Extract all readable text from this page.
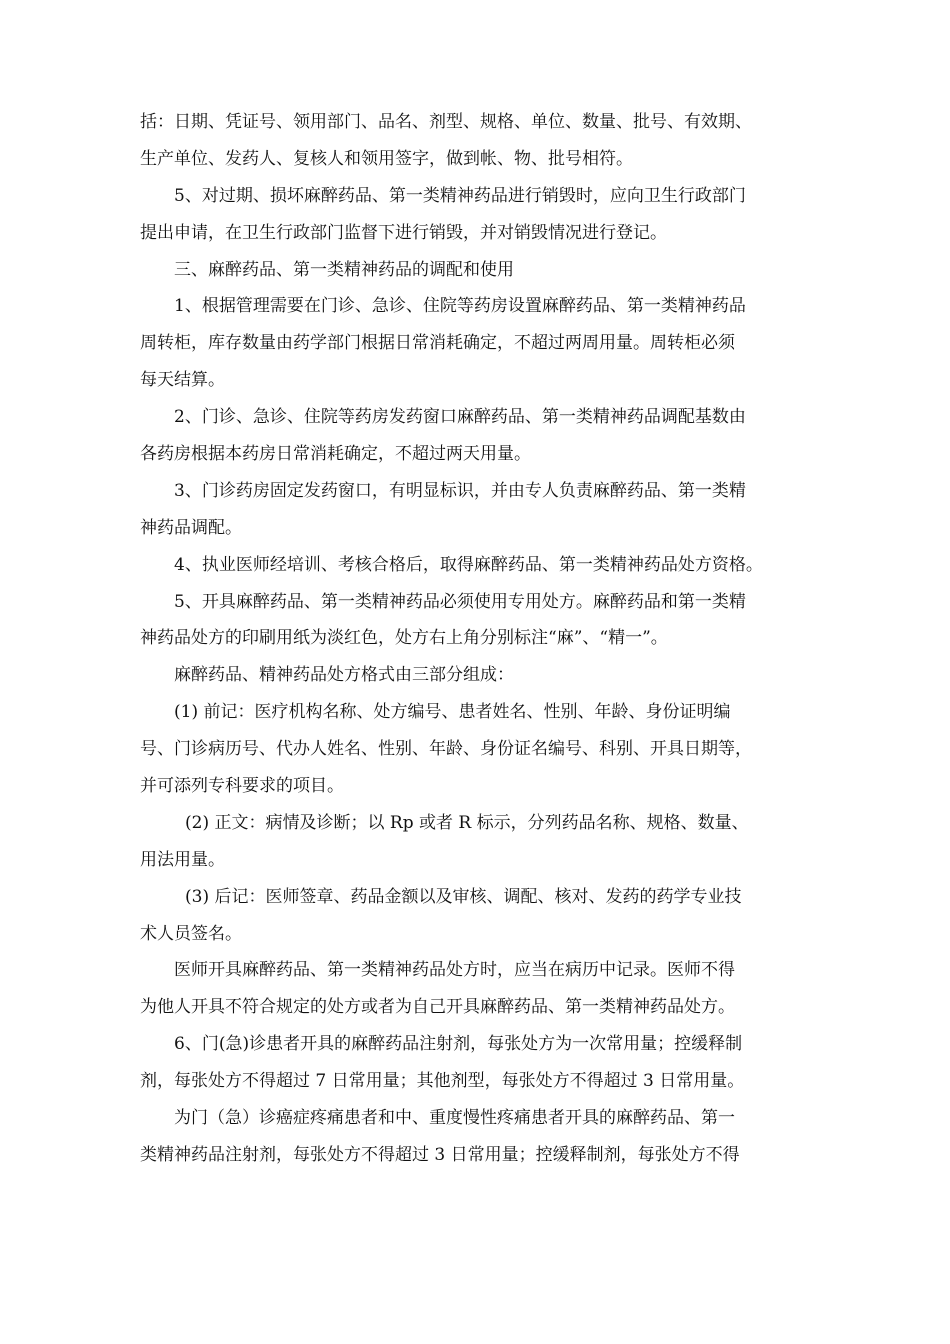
括：日期、凭证号、领用部门、品名、剂型、规格、单位、数量、批号、有效期、
生产单位、发药人、复核人和领用签字，做到帐、物、批号相符。
5、对过期、损坏麻醉药品、第一类精神药品进行销毁时，应向卫生行政部门
提出申请，在卫生行政部门监督下进行销毁，并对销毁情况进行登记。
三、麻醉药品、第一类精神药品的调配和使用
1、根据管理需要在门诊、急诊、住院等药房设置麻醉药品、第一类精神药品
周转柜，库存数量由药学部门根据日常消耗确定，不超过两周用量。周转柜必须
每天结算。
2、门诊、急诊、住院等药房发药窗口麻醉药品、第一类精神药品调配基数由
各药房根据本药房日常消耗确定，不超过两天用量。
3、门诊药房固定发药窗口，有明显标识，并由专人负责麻醉药品、第一类精
神药品调配。
4、执业医师经培训、考核合格后，取得麻醉药品、第一类精神药品处方资格。
5、开具麻醉药品、第一类精神药品必须使用专用处方。麻醉药品和第一类精
神药品处方的印刷用纸为淡红色，处方右上角分别标注“麻”、“精一”。
麻醉药品、精神药品处方格式由三部分组成：
(1) 前记：医疗机构名称、处方编号、患者姓名、性别、年龄、身份证明编
号、门诊病历号、代办人姓名、性别、年龄、身份证名编号、科别、开具日期等，
并可添列专科要求的项目。
(2) 正文：病情及诊断；以 Rp 或者 R 标示，分列药品名称、规格、数量、
用法用量。
(3) 后记：医师签章、药品金额以及审核、调配、核对、发药的药学专业技
术人员签名。
医师开具麻醉药品、第一类精神药品处方时，应当在病历中记录。医师不得
为他人开具不符合规定的处方或者为自己开具麻醉药品、第一类精神药品处方。
6、门(急)诊患者开具的麻醉药品注射剂，每张处方为一次常用量；控缓释制
剂，每张处方不得超过 7 日常用量；其他剂型，每张处方不得超过 3 日常用量。
为门（急）诊癌症疼痛患者和中、重度慢性疼痛患者开具的麻醉药品、第一
类精神药品注射剂，每张处方不得超过 3 日常用量；控缓释制剂，每张处方不得
